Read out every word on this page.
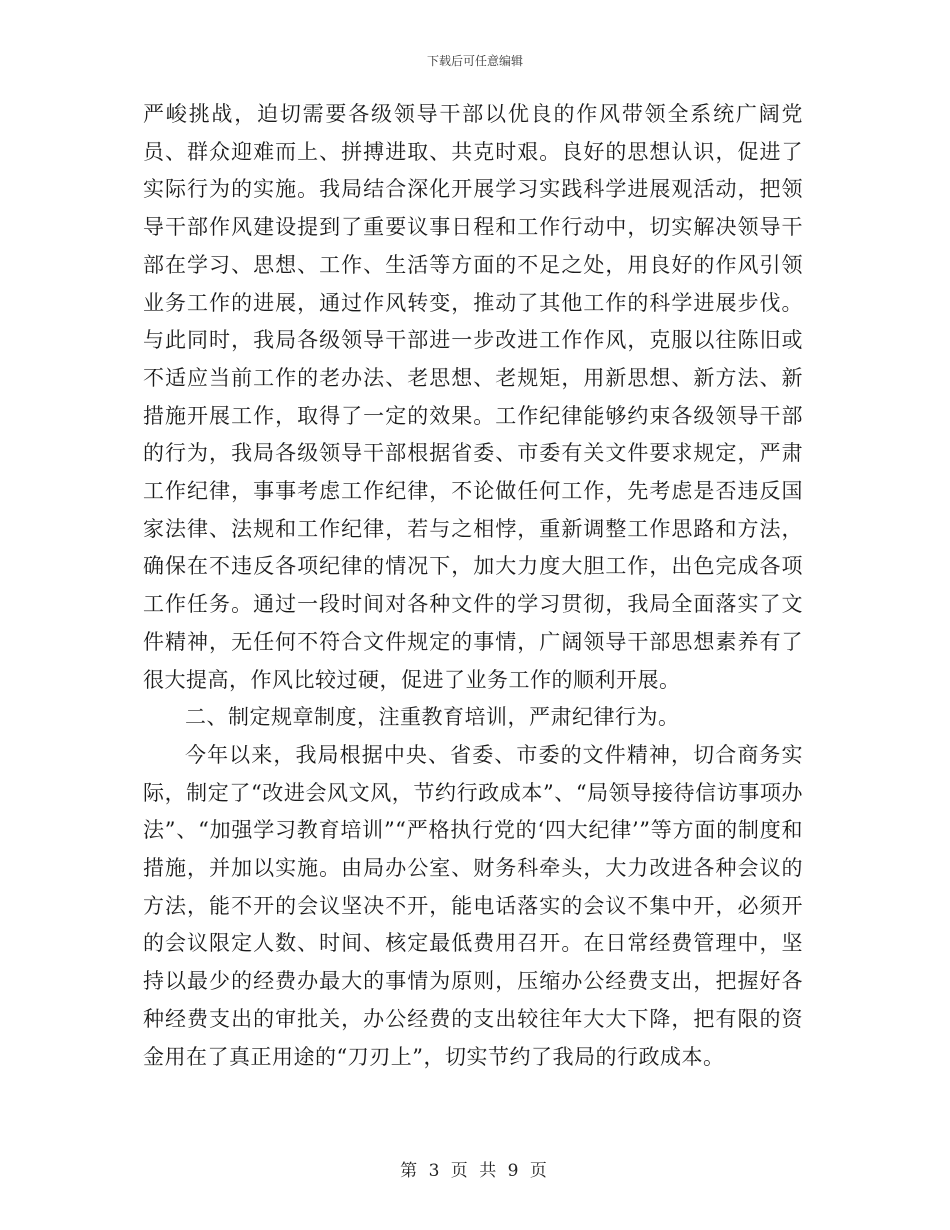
下载后可任意编辑

严峻挑战，迫切需要各级领导干部以优良的作风带领全系统广阔党员、群众迎难而上、拼搏进取、共克时艰。良好的思想认识，促进了实际行为的实施。我局结合深化开展学习实践科学进展观活动，把领导干部作风建设提到了重要议事日程和工作行动中，切实解决领导干部在学习、思想、工作、生活等方面的不足之处，用良好的作风引领业务工作的进展，通过作风转变，推动了其他工作的科学进展步伐。与此同时，我局各级领导干部进一步改进工作作风，克服以往陈旧或不适应当前工作的老办法、老思想、老规矩，用新思想、新方法、新措施开展工作，取得了一定的效果。工作纪律能够约束各级领导干部的行为，我局各级领导干部根据省委、市委有关文件要求规定，严肃工作纪律，事事考虑工作纪律，不论做任何工作，先考虑是否违反国家法律、法规和工作纪律，若与之相悖，重新调整工作思路和方法，确保在不违反各项纪律的情况下，加大力度大胆工作，出色完成各项工作任务。通过一段时间对各种文件的学习贯彻，我局全面落实了文件精神，无任何不符合文件规定的事情，广阔领导干部思想素养有了很大提高，作风比较过硬，促进了业务工作的顺利开展。

二、制定规章制度，注重教育培训，严肃纪律行为。

今年以来，我局根据中央、省委、市委的文件精神，切合商务实际，制定了“改进会风文风，节约行政成本”、“局领导接待信访事项办法”、“加强学习教育培训”“严格执行党的‘四大纪律’”等方面的制度和措施，并加以实施。由局办公室、财务科牵头，大力改进各种会议的方法，能不开的会议坚决不开，能电话落实的会议不集中开，必须开的会议限定人数、时间、核定最低费用召开。在日常经费管理中，坚持以最少的经费办最大的事情为原则，压缩办公经费支出，把握好各种经费支出的审批关，办公经费的支出较往年大大下降，把有限的资金用在了真正用途的“刀刃上”，切实节约了我局的行政成本。

第 3 页 共 9 页
